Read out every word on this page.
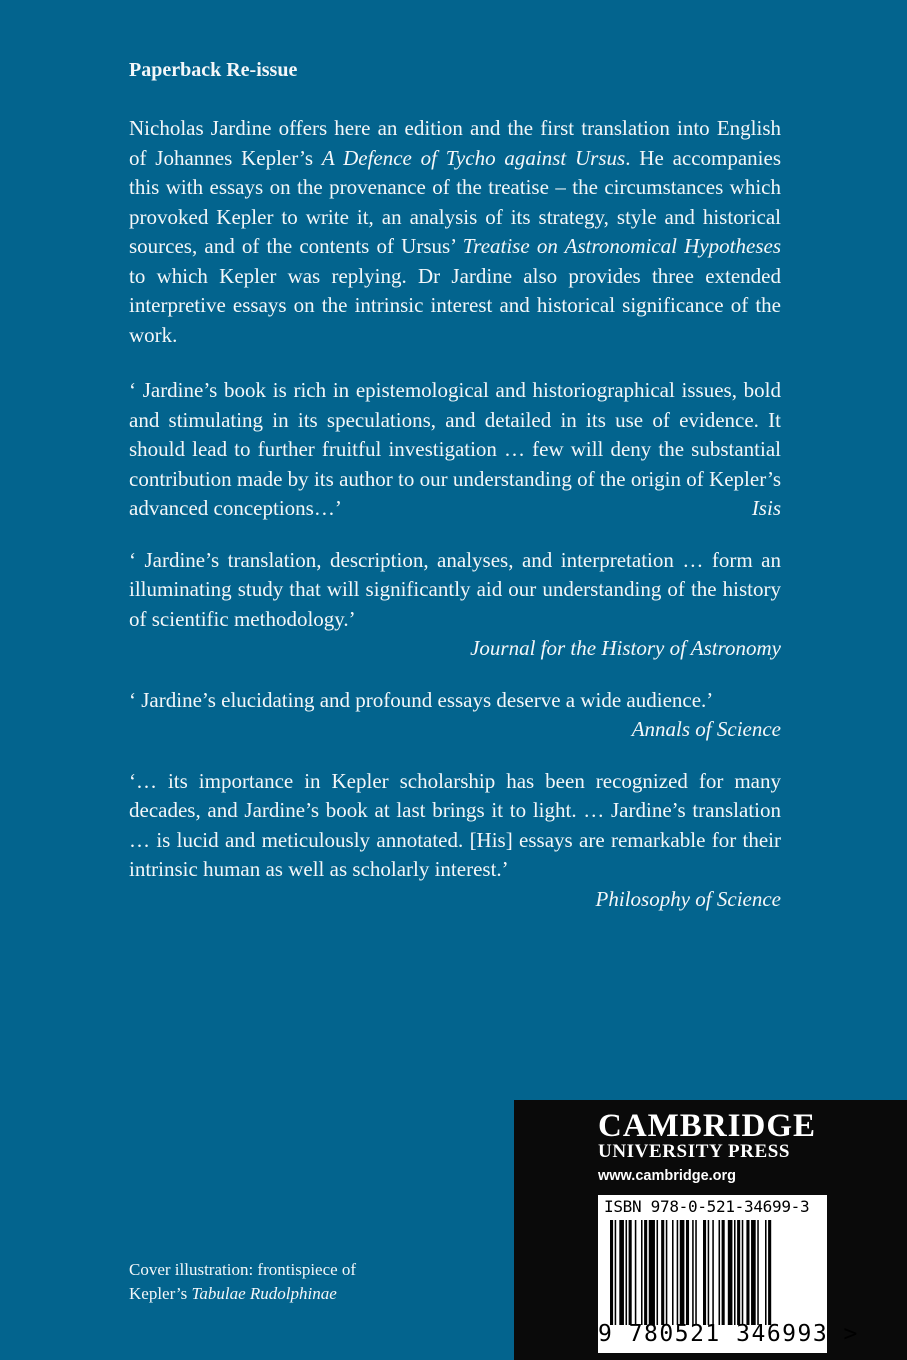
Paperback Re-issue

Nicholas Jardine offers here an edition and the first translation into English of Johannes Kepler’s A Defence of Tycho against Ursus. He accompanies this with essays on the provenance of the treatise – the circumstances which provoked Kepler to write it, an analysis of its strategy, style and historical sources, and of the contents of Ursus’ Treatise on Astronomical Hypotheses to which Kepler was replying. Dr Jardine also provides three extended interpretive essays on the intrinsic interest and historical significance of the work.

‘ Jardine’s book is rich in epistemological and historiographical issues, bold and stimulating in its speculations, and detailed in its use of evidence. It should lead to further fruitful investigation … few will deny the substantial contribution made by its author to our understanding of the origin of Kepler’s advanced conceptions…’	Isis

‘ Jardine’s translation, description, analyses, and interpretation … form an illuminating study that will significantly aid our understanding of the history of scientific methodology.’
Journal for the History of Astronomy

‘ Jardine’s elucidating and profound essays deserve a wide audience.’
Annals of Science

‘… its importance in Kepler scholarship has been recognized for many decades, and Jardine’s book at last brings it to light. … Jardine’s translation … is lucid and meticulously annotated. [His] essays are remarkable for their intrinsic human as well as scholarly interest.’
Philosophy of Science

Cover illustration: frontispiece of
Kepler’s Tabulae Rudolphinae
CAMBRIDGE
UNIVERSITY PRESS
www.cambridge.org
ISBN 978-0-521-34699-3
9 780521 346993 >
